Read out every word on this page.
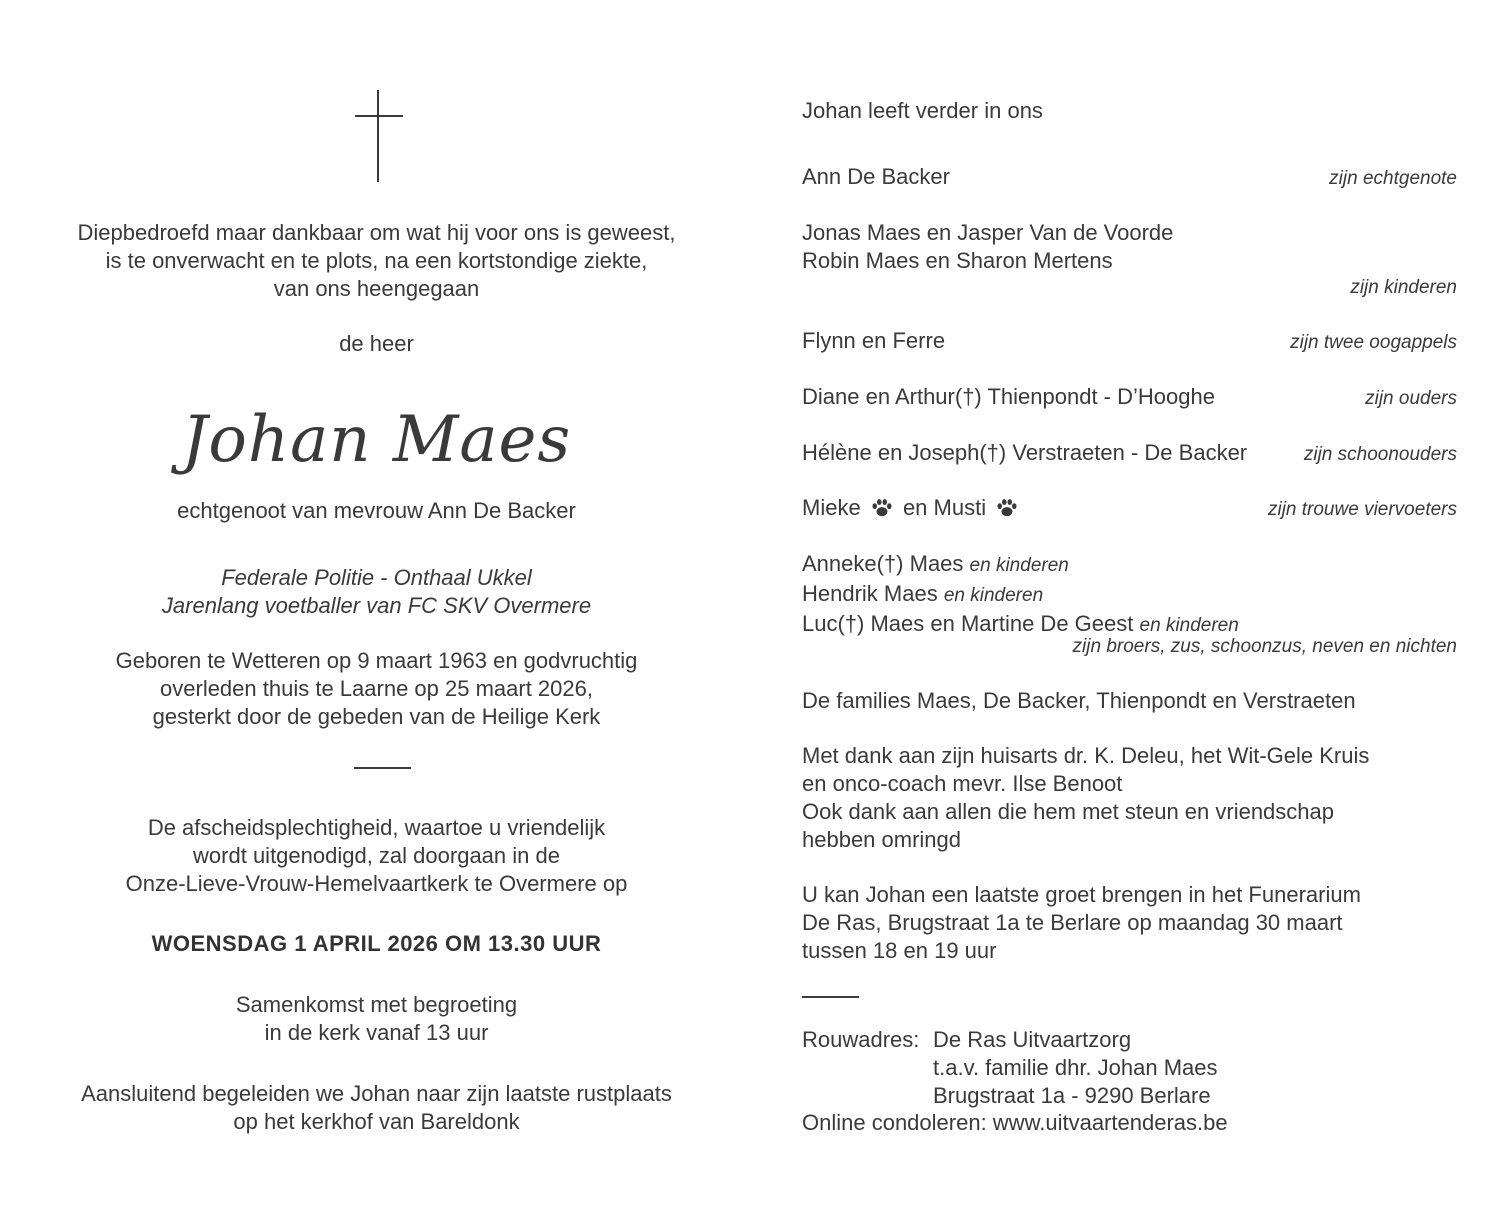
Diepbedroefd maar dankbaar om wat hij voor ons is geweest,
is te onverwacht en te plots, na een kortstondige ziekte,
van ons heengegaan
de heer
Johan Maes
echtgenoot van mevrouw Ann De Backer
Federale Politie - Onthaal Ukkel
Jarenlang voetballer van FC SKV Overmere
Geboren te Wetteren op 9 maart 1963 en godvruchtig
overleden thuis te Laarne op 25 maart 2026,
gesterkt door de gebeden van de Heilige Kerk
De afscheidsplechtigheid, waartoe u vriendelijk
wordt uitgenodigd, zal doorgaan in de
Onze-Lieve-Vrouw-Hemelvaartkerk te Overmere op
WOENSDAG 1 APRIL 2026 OM 13.30 UUR
Samenkomst met begroeting
in de kerk vanaf 13 uur
Aansluitend begeleiden we Johan naar zijn laatste rustplaats
op het kerkhof van Bareldonk
Johan leeft verder in ons
Ann De Backer	zijn echtgenote
Jonas Maes en Jasper Van de Voorde
Robin Maes en Sharon Mertens
zijn kinderen
Flynn en Ferre	zijn twee oogappels
Diane en Arthur(†) Thienpondt - D’Hooghe	zijn ouders
Hélène en Joseph(†) Verstraeten - De Backer	zijn schoonouders
Mieke en Musti	zijn trouwe viervoeters
Anneke(†) Maes en kinderen
Hendrik Maes en kinderen
Luc(†) Maes en Martine De Geest en kinderen
zijn broers, zus, schoonzus, neven en nichten
De families Maes, De Backer, Thienpondt en Verstraeten
Met dank aan zijn huisarts dr. K. Deleu, het Wit-Gele Kruis
en onco-coach mevr. Ilse Benoot
Ook dank aan allen die hem met steun en vriendschap
hebben omringd
U kan Johan een laatste groet brengen in het Funerarium
De Ras, Brugstraat 1a te Berlare op maandag 30 maart
tussen 18 en 19 uur
Rouwadres: De Ras Uitvaartzorg
t.a.v. familie dhr. Johan Maes
Brugstraat 1a - 9290 Berlare
Online condoleren: www.uitvaartenderas.be
